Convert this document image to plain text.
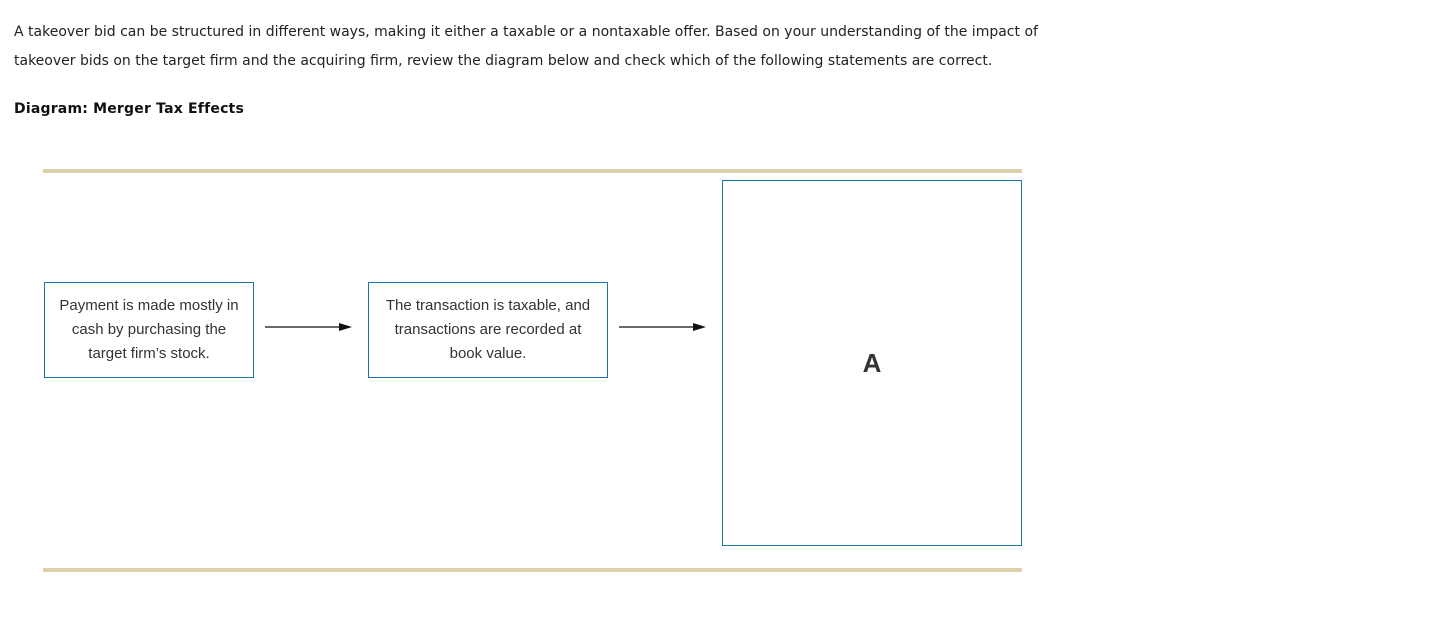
A takeover bid can be structured in different ways, making it either a taxable or a nontaxable offer. Based on your understanding of the impact of takeover bids on the target firm and the acquiring firm, review the diagram below and check which of the following statements are correct.

Diagram: Merger Tax Effects

Payment is made mostly in cash by purchasing the target firm’s stock.
The transaction is taxable, and transactions are recorded at book value.	A
